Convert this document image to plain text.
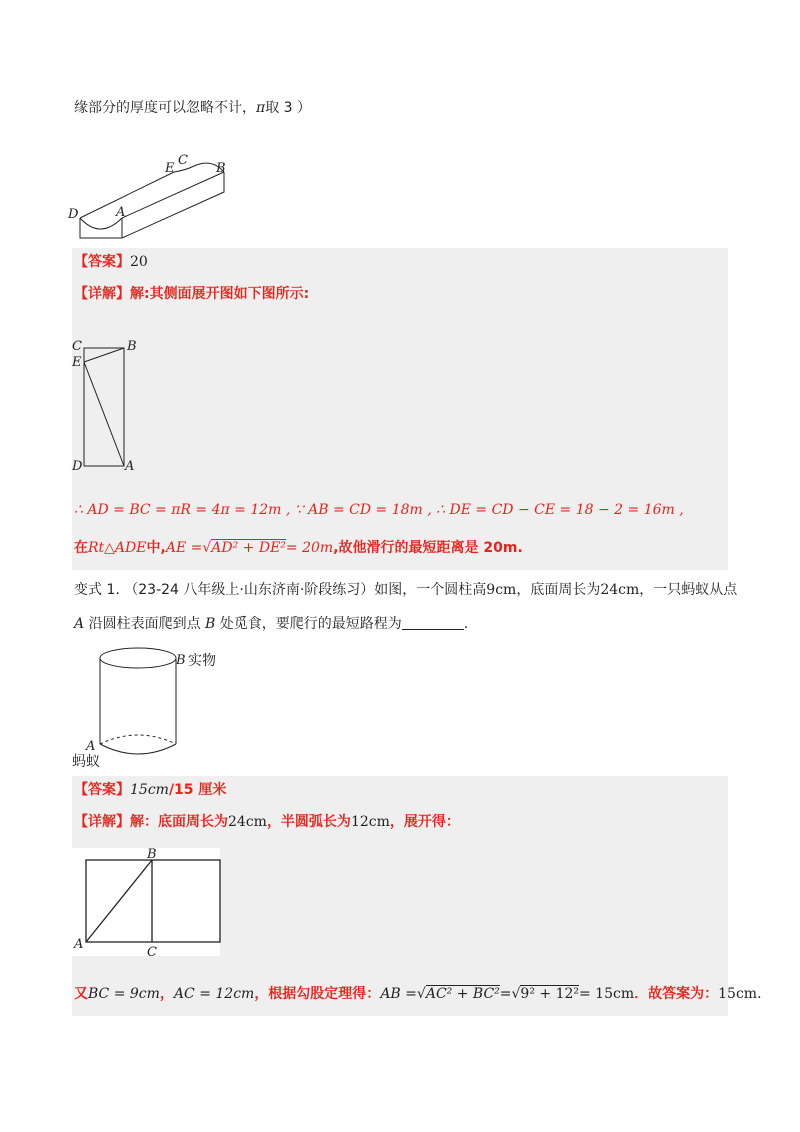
缘部分的厚度可以忽略不计，π取 3 ）
D	A
E
C
B
【答案】20
【详解】解:其侧面展开图如下图所示:
C	B
E
D	A
∴ AD = BC = πR = 4π = 12m , ∵ AB = CD = 18m , ∴ DE = CD − CE = 18 − 2 = 16m ,
在Rt△ADE中,AE =√AD² + DE²= 20m,故他滑行的最短距离是 20m.
变式 1. （23-24 八年级上·山东济南·阶段练习）如图，一个圆柱高9cm，底面周长为24cm，一只蚂蚁从点
A 沿圆柱表面爬到点 B 处觅食，要爬行的最短路程为	.
B 实物
A
蚂蚁
【答案】15cm/15 厘米
【详解】解：底面周长为24cm，半圆弧长为12cm，展开得：
B
A
C
又BC = 9cm，AC = 12cm，根据勾股定理得：AB =√AC² + BC²=√9² + 12²= 15cm．故答案为：15cm.
